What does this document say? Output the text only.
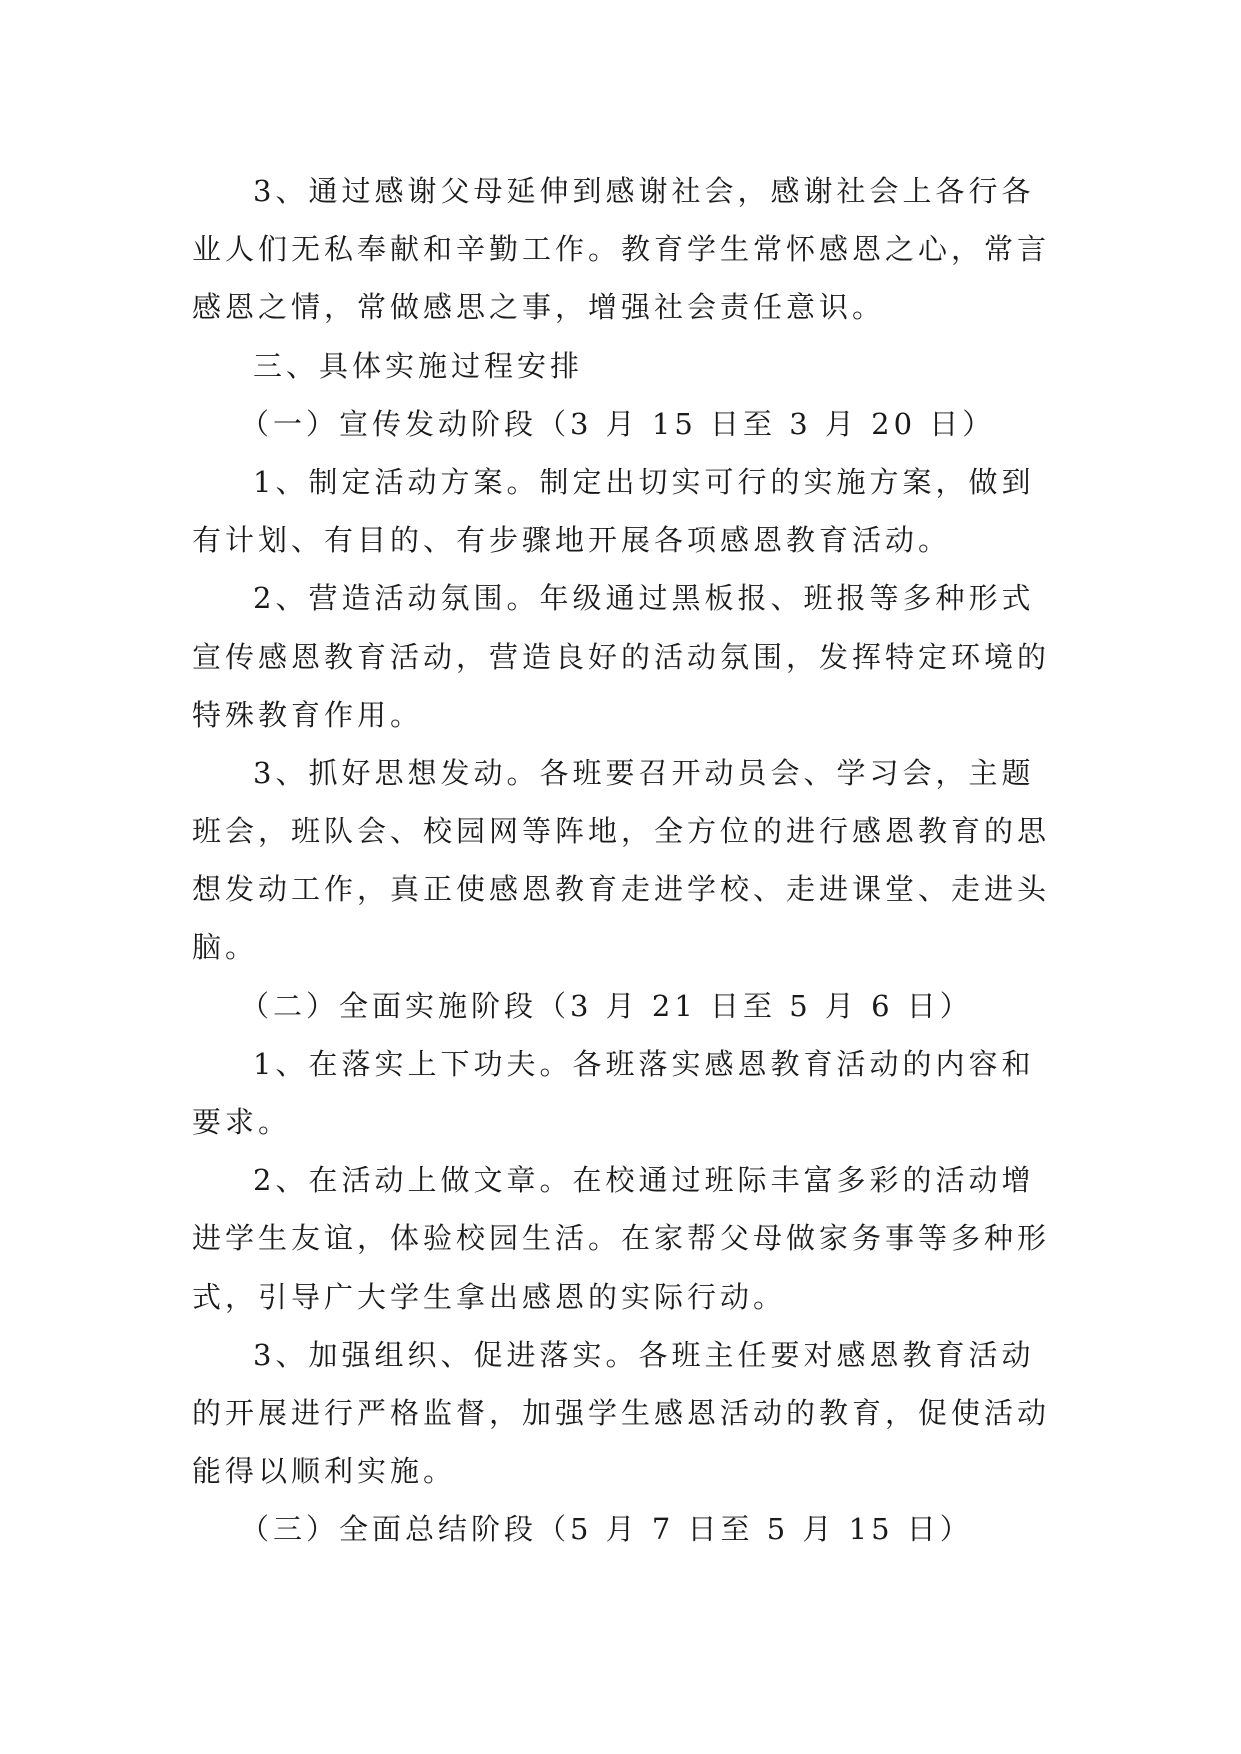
3、通过感谢父母延伸到感谢社会，感谢社会上各行各
业人们无私奉献和辛勤工作。教育学生常怀感恩之心，常言
感恩之情，常做感思之事，增强社会责任意识。
三、具体实施过程安排
（一）宣传发动阶段（3 月 15 日至 3 月 20 日）
1、制定活动方案。制定出切实可行的实施方案，做到
有计划、有目的、有步骤地开展各项感恩教育活动。
2、营造活动氛围。年级通过黑板报、班报等多种形式
宣传感恩教育活动，营造良好的活动氛围，发挥特定环境的
特殊教育作用。
3、抓好思想发动。各班要召开动员会、学习会，主题
班会，班队会、校园网等阵地，全方位的进行感恩教育的思
想发动工作，真正使感恩教育走进学校、走进课堂、走进头
脑。
（二）全面实施阶段（3 月 21 日至 5 月 6 日）
1、在落实上下功夫。各班落实感恩教育活动的内容和
要求。
2、在活动上做文章。在校通过班际丰富多彩的活动增
进学生友谊，体验校园生活。在家帮父母做家务事等多种形
式，引导广大学生拿出感恩的实际行动。
3、加强组织、促进落实。各班主任要对感恩教育活动
的开展进行严格监督，加强学生感恩活动的教育，促使活动
能得以顺利实施。
（三）全面总结阶段（5 月 7 日至 5 月 15 日）
